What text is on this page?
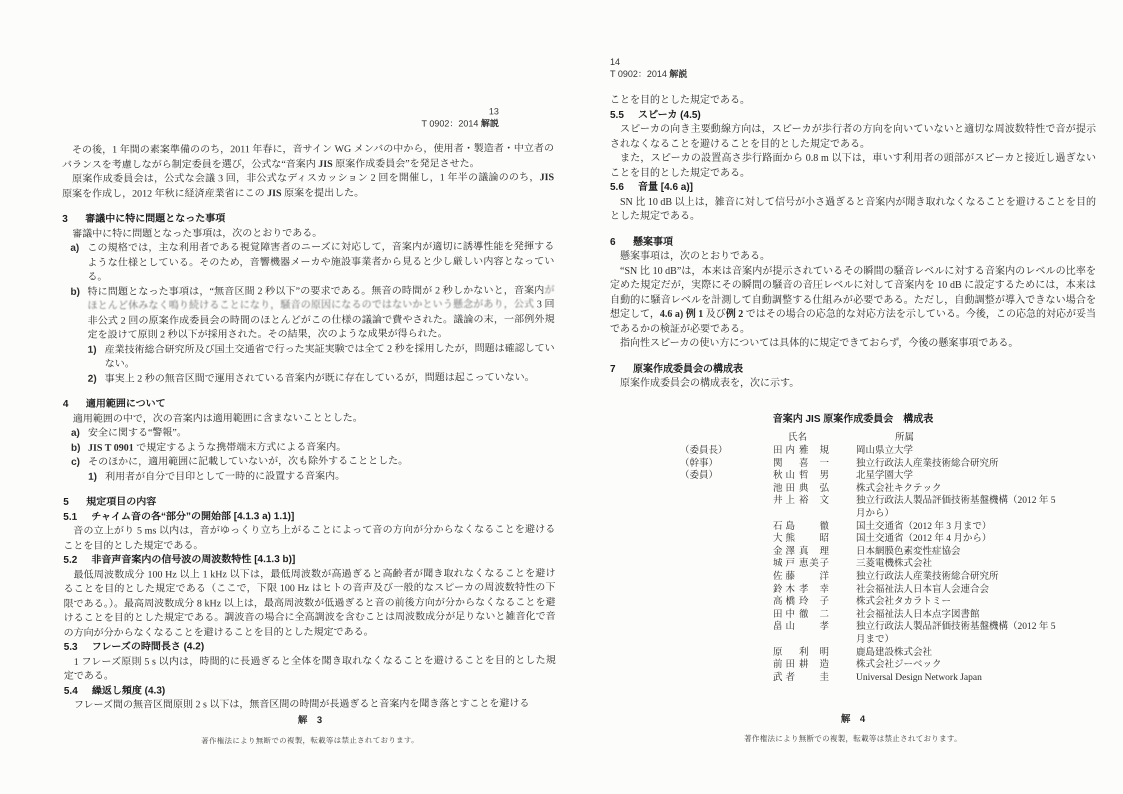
13
T 0902：2014 解説
その後，1 年間の素案準備ののち，2011 年春に，音サイン WG メンバの中から，使用者・製造者・中立者のバランスを考慮しながら制定委員を選び，公式な“音案内 JIS 原案作成委員会”を発足させた。
原案作成委員会は，公式な会議 3 回，非公式なディスカッション 2 回を開催し，1 年半の議論ののち，JIS 原案を作成し，2012 年秋に経済産業省にこの JIS 原案を提出した。
3	審議中に特に問題となった事項
審議中に特に問題となった事項は，次のとおりである。
a) この規格では，主な利用者である視覚障害者のニーズに対応して，音案内が適切に誘導性能を発揮するような仕様としている。そのため，音響機器メーカや施設事業者から見ると少し厳しい内容となっている。
b) 特に問題となった事項は，“無音区間 2 秒以下”の要求である。無音の時間が 2 秒しかないと，音案内がほとんど休みなく鳴り続けることになり，騒音の原因になるのではないかという懸念があり，公式 3 回非公式 2 回の原案作成委員会の時間のほとんどがこの仕様の議論で費やされた。議論の末，一部例外規定を設けて原則 2 秒以下が採用された。その結果，次のような成果が得られた。
1) 産業技術総合研究所及び国土交通省で行った実証実験では全て 2 秒を採用したが，問題は確認していない。
2) 事実上 2 秒の無音区間で運用されている音案内が既に存在しているが，問題は起こっていない。
4	適用範囲について
適用範囲の中で，次の音案内は適用範囲に含まないこととした。
a) 安全に関する“警報”。
b) JIS T 0901 で規定するような携帯端末方式による音案内。
c) そのほかに，適用範囲に記載していないが，次も除外することとした。
1) 利用者が自分で目印として一時的に設置する音案内。
5	規定項目の内容
5.1	チャイム音の各“部分”の開始部 [4.1.3 a) 1.1)]
音の立上がり 5 ms 以内は，音がゆっくり立ち上がることによって音の方向が分からなくなることを避けることを目的とした規定である。
5.2	非音声音案内の信号波の周波数特性 [4.1.3 b)]
最低周波数成分 100 Hz 以上 1 kHz 以下は，最低周波数が高過ぎると高齢者が聞き取れなくなることを避けることを目的とした規定である（ここで，下限 100 Hz はヒトの音声及び一般的なスピーカの周波数特性の下限である。）。最高周波数成分 8 kHz 以上は，最高周波数が低過ぎると音の前後方向が分からなくなることを避けることを目的とした規定である。調波音の場合に全高調波を含むことは周波数成分が足りないと雑音化で音の方向が分からなくなることを避けることを目的とした規定である。
5.3	フレーズの時間長さ (4.2)
1 フレーズ原則 5 s 以内は，時間的に長過ぎると全体を聞き取れなくなることを避けることを目的とした規定である。
5.4	繰返し頻度 (4.3)
フレーズ間の無音区間原則 2 s 以下は，無音区間の時間が長過ぎると音案内を聞き落とすことを避ける
解　3
著作権法により無断での複製，転載等は禁止されております。
14
T 0902：2014 解説
ことを目的とした規定である。
5.5	スピーカ (4.5)
スピーカの向き主要動線方向は，スピーカが歩行者の方向を向いていないと適切な周波数特性で音が提示されなくなることを避けることを目的とした規定である。
また，スピーカの設置高さ歩行路面から 0.8 m 以下は，車いす利用者の頭部がスピーカと接近し過ぎないことを目的とした規定である。
5.6	音量 [4.6 a)]
SN 比 10 dB 以上は，雑音に対して信号が小さ過ぎると音案内が聞き取れなくなることを避けることを目的とした規定である。
6	懸案事項
懸案事項は，次のとおりである。
“SN 比 10 dB”は，本来は音案内が提示されているその瞬間の騒音レベルに対する音案内のレベルの比率を定めた規定だが，実際にその瞬間の騒音の音圧レベルに対して音案内を 10 dB に設定するためには，本来は自動的に騒音レベルを計測して自動調整する仕組みが必要である。ただし，自動調整が導入できない場合を想定して，4.6 a) 例 1 及び例 2 ではその場合の応急的な対応方法を示している。今後，この応急的対応が妥当であるかの検証が必要である。
指向性スピーカの使い方については具体的に規定できておらず，今後の懸案事項である。
7	原案作成委員会の構成表
原案作成委員会の構成表を，次に示す。
音案内 JIS 原案作成委員会　構成表
氏名	所属
（委員長）	田内 雅規	岡山県立大学
（幹事）	関	喜一	独立行政法人産業技術総合研究所
（委員）	秋山 哲男	北星学園大学
池田 典弘	株式会社キクテック
井上 裕文	独立行政法人製品評価技術基盤機構（2012 年 5
月から）
石島	徹	国土交通省（2012 年 3 月まで）
大熊	昭	国土交通省（2012 年 4 月から）
金澤 真理	日本網膜色素変性症協会
城戸 恵美子	三菱電機株式会社
佐藤	洋	独立行政法人産業技術総合研究所
鈴木 孝幸	社会福祉法人日本盲人会連合会
高橋 玲子	株式会社タカラトミー
田中 徹二	社会福祉法人日本点字図書館
畠山	孝	独立行政法人製品評価技術基盤機構（2012 年 5
月まで）
原	利明	鹿島建設株式会社
前田 耕造	株式会社ジーベック
武者	圭	Universal Design Network Japan
解　4
著作権法により無断での複製，転載等は禁止されております。
